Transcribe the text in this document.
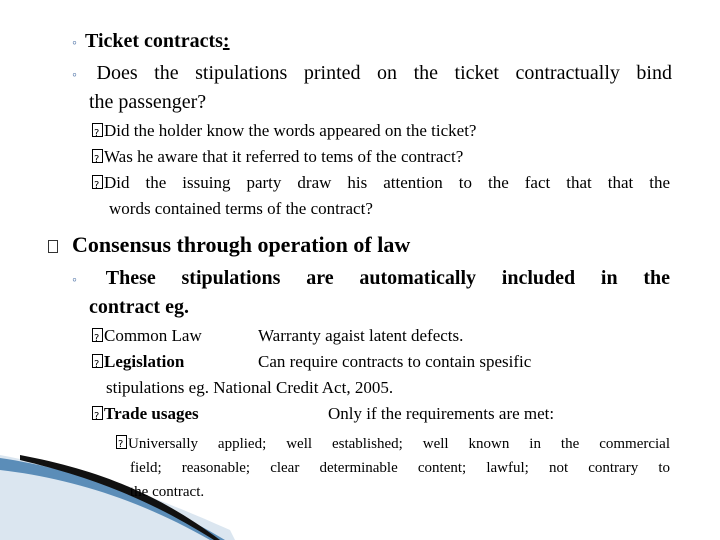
◦ Ticket contracts:
◦ Does the stipulations printed on the ticket contractually bind
the passenger?
?Did the holder know the words appeared on the ticket?
?Was he aware that it referred to tems of the contract?
?Did the issuing party draw his attention to the fact that that the
words contained terms of the contract?
Consensus through operation of law
◦ These stipulations are automatically included in the
contract eg.
?Common Law	Warranty agaist latent defects.
?Legislation	Can require contracts to contain spesific
stipulations eg. National Credit Act, 2005.
?Trade usages	Only if the requirements are met:
?Universally applied; well established; well known in the commercial
field; reasonable; clear determinable content; lawful; not contrary to
the contract.
